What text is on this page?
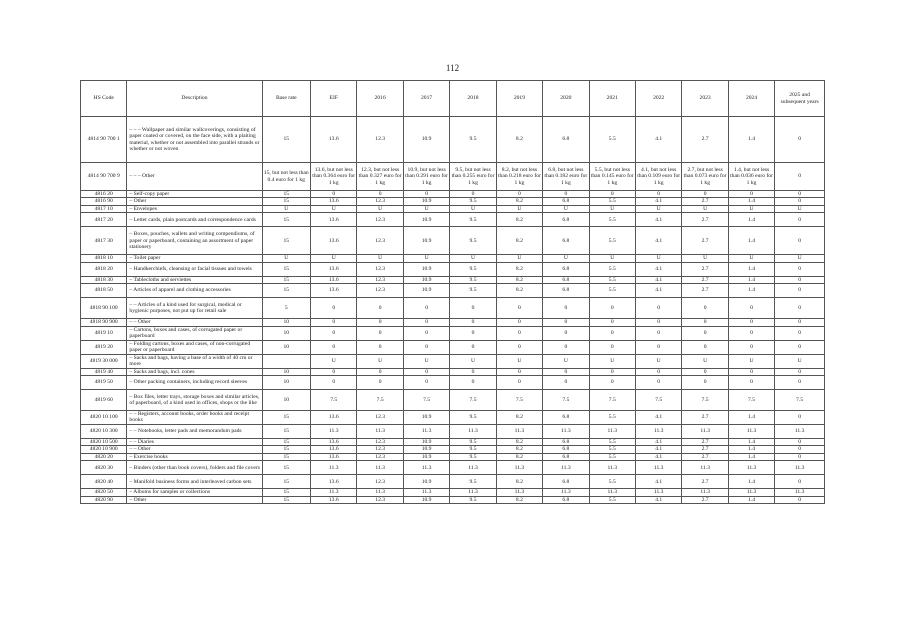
112
HS Code	Description	Base rate	EIF	2016	2017	2018	2019	2020	2021	2022	2023	2024	2025 and subsequent years
4814 90 700 1	– – – Wallpaper and similar wallcoverings, consisting of paper coated or covered, on the face side, with a plaiting material, whether or not assembled into parallel strands or whether or not woven	15	13.6	12.3	10.9	9.5	8.2	6.8	5.5	4.1	2.7	1.4	0
4814 90 700 9	– – – Other	15, but not less than 0.4 euro for 1 kg	13.6, but not less than 0.364 euro for 1 kg	12.3, but not less than 0.327 euro for 1 kg	10.9, but not less than 0.291 euro for 1 kg	9.5, but not less than 0.255 euro for 1 kg	8.2, but not less than 0.218 euro for 1 kg	6.8, but not less than 0.182 euro for 1 kg	5.5, but not less than 0.145 euro for 1 kg	4.1, but not less than 0.109 euro for 1 kg	2.7, but not less than 0.073 euro for 1 kg	1.4, but not less than 0.036 euro for 1 kg	0
4816 20	– Self-copy paper	15	0	0	0	0	0	0	0	0	0	0	0
4816 90	– Other	15	13.6	12.3	10.9	9.5	8.2	6.8	5.5	4.1	2.7	1.4	0
4817 10	– Envelopes	U	U	U	U	U	U	U	U	U	U	U	U
4817 20	– Letter cards, plain postcards and correspondence cards	15	13.6	12.3	10.9	9.5	8.2	6.8	5.5	4.1	2.7	1.4	0
4817 30	– Boxes, pouches, wallets and writing compendiums, of paper or paperboard, containing an assortment of paper stationery	15	13.6	12.3	10.9	9.5	8.2	6.8	5.5	4.1	2.7	1.4	0
4818 10	– Toilet paper	U	U	U	U	U	U	U	U	U	U	U	U
4818 20	– Handkerchiefs, cleansing or facial tissues and towels	15	13.6	12.3	10.9	9.5	8.2	6.8	5.5	4.1	2.7	1.4	0
4818 30	– Tablecloths and serviettes	15	13.6	12.3	10.9	9.5	8.2	6.8	5.5	4.1	2.7	1.4	0
4818 50	– Articles of apparel and clothing accessories	15	13.6	12.3	10.9	9.5	8.2	6.8	5.5	4.1	2.7	1.4	0
4818 90 100	– – Articles of a kind used for surgical, medical or hygienic purposes, not put up for retail sale	5	0	0	0	0	0	0	0	0	0	0	0
4818 90 900	– – Other	10	0	0	0	0	0	0	0	0	0	0	0
4819 10	– Cartons, boxes and cases, of corrugated paper or paperboard	10	0	0	0	0	0	0	0	0	0	0	0
4819 20	– Folding cartons, boxes and cases, of non-corrugated paper or paperboard	10	0	0	0	0	0	0	0	0	0	0	0
4819 30 000	– Sacks and bags, having a base of a width of 40 cm or more		U	U	U	U	U	U	U	U	U	U	U
4819 40	– Sacks and bags, incl. cones	10	0	0	0	0	0	0	0	0	0	0	0
4819 50	– Other packing containers, including record sleeves	10	0	0	0	0	0	0	0	0	0	0	0
4819 60	– Box files, letter trays, storage boxes and similar articles, of paperboard, of a kind used in offices, shops or the like	10	7.5	7.5	7.5	7.5	7.5	7.5	7.5	7.5	7.5	7.5	7.5
4820 10 100	– – Registers, account books, order books and receipt books	15	13.6	12.3	10.9	9.5	8.2	6.8	5.5	4.1	2.7	1.4	0
4820 10 300	– – Notebooks, letter pads and memorandum pads	15	11.3	11.3	11.3	11.3	11.3	11.3	11.3	11.3	11.3	11.3	11.3
4820 10 500	– – Diaries	15	13.6	12.3	10.9	9.5	8.2	6.8	5.5	4.1	2.7	1.4	0
4820 10 900	– – Other	15	13.6	12.3	10.9	9.5	8.2	6.8	5.5	4.1	2.7	1.4	0
4820 20	– Exercise books	15	13.6	12.3	10.9	9.5	8.2	6.8	5.5	4.1	2.7	1.4	0
4820 30	– Binders (other than book covers), folders and file covers	15	11.3	11.3	11.3	11.3	11.3	11.3	11.3	11.3	11.3	11.3	11.3
4820 40	– Manifold business forms and interleaved carbon sets	15	13.6	12.3	10.9	9.5	8.2	6.8	5.5	4.1	2.7	1.4	0
4820 50	– Albums for samples or collections	15	11.3	11.3	11.3	11.3	11.3	11.3	11.3	11.3	11.3	11.3	11.3
4820 90	– Other	15	13.6	12.3	10.9	9.5	8.2	6.8	5.5	4.1	2.7	1.4	0
